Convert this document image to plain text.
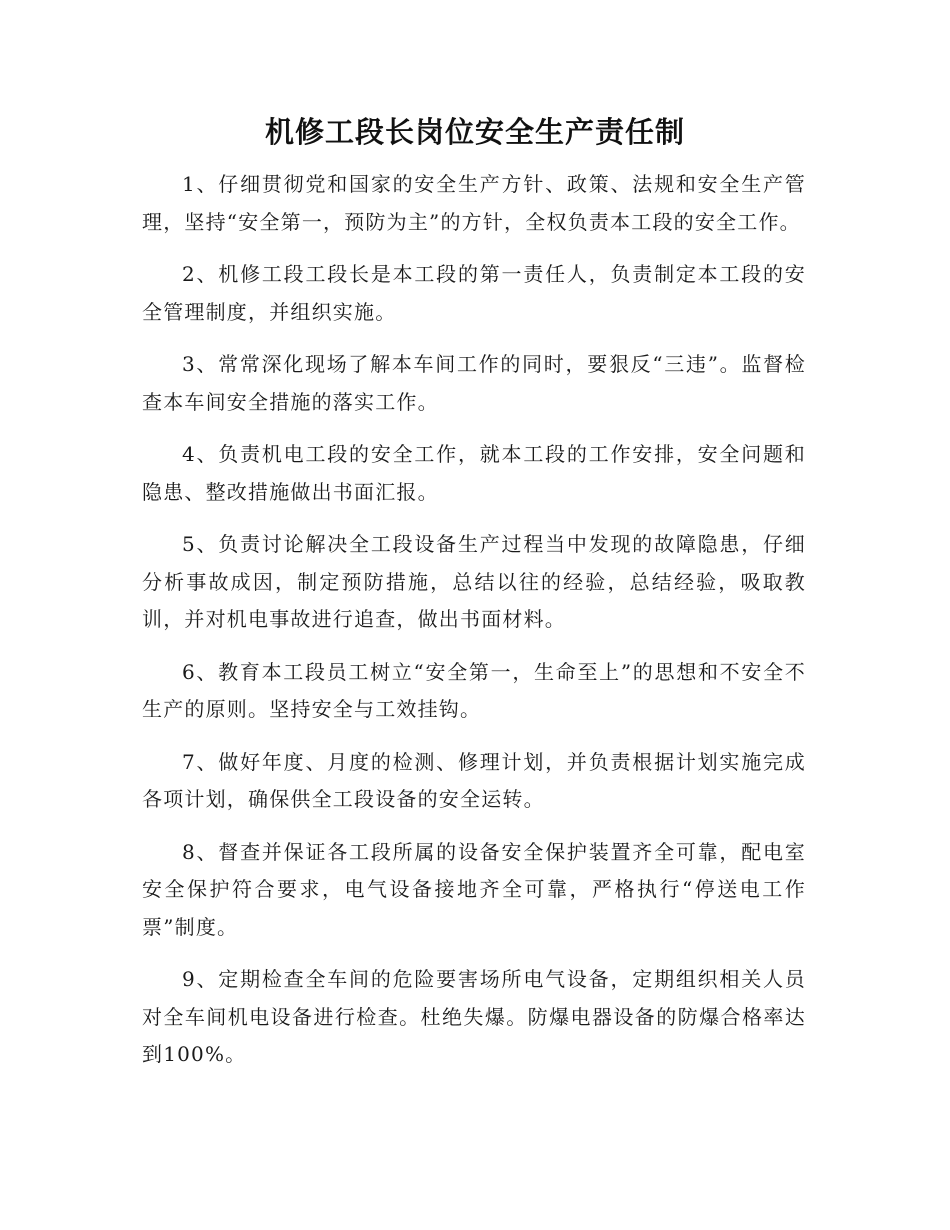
机修工段长岗位安全生产责任制

1、仔细贯彻党和国家的安全生产方针、政策、法规和安全生产管理，坚持“安全第一，预防为主”的方针，全权负责本工段的安全工作。

2、机修工段工段长是本工段的第一责任人，负责制定本工段的安全管理制度，并组织实施。

3、常常深化现场了解本车间工作的同时，要狠反“三违”。监督检查本车间安全措施的落实工作。

4、负责机电工段的安全工作，就本工段的工作安排，安全问题和隐患、整改措施做出书面汇报。

5、负责讨论解决全工段设备生产过程当中发现的故障隐患，仔细分析事故成因，制定预防措施，总结以往的经验，总结经验，吸取教训，并对机电事故进行追查，做出书面材料。

6、教育本工段员工树立“安全第一，生命至上”的思想和不安全不生产的原则。坚持安全与工效挂钩。

7、做好年度、月度的检测、修理计划，并负责根据计划实施完成各项计划，确保供全工段设备的安全运转。

8、督查并保证各工段所属的设备安全保护装置齐全可靠，配电室安全保护符合要求，电气设备接地齐全可靠，严格执行“停送电工作票”制度。

9、定期检查全车间的危险要害场所电气设备，定期组织相关人员对全车间机电设备进行检查。杜绝失爆。防爆电器设备的防爆合格率达到100%。
